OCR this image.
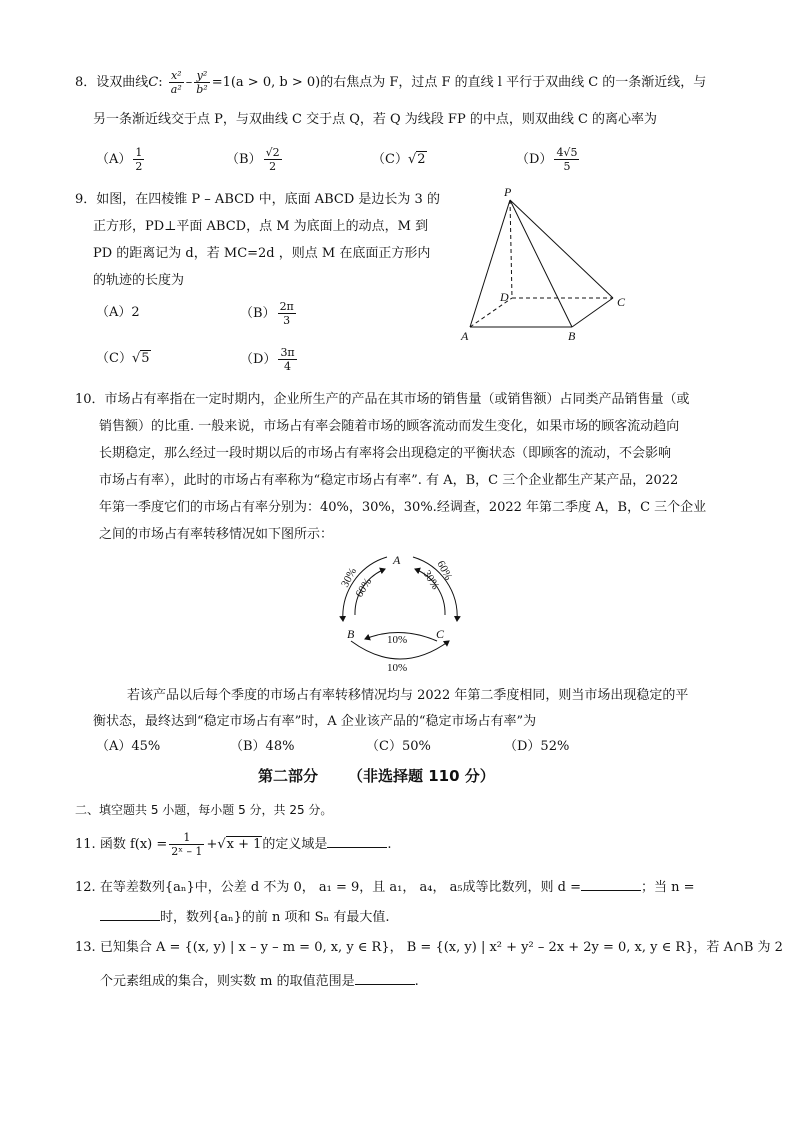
8．设双曲线C: $\frac{\text{x²}}{\text{a²}} - \frac{\text{y²}}{\text{b²}} =1(a > 0$, b > 0)的右焦点为 F，过点 F 的直线 l 平行于双曲线 C 的一条渐近线，与
另一条渐近线交于点 P，与双曲线 C 交于点 Q，若 Q 为线段 FP 的中点，则双曲线 C 的离心率为
$(A) \frac{1}{2}$	$(B) \frac{√2}{2}$	（C）√2	$(D) \frac{4√5}{5}$
9．如图，在四棱锥 P – ABCD 中，底面 ABCD 是边长为 3 的
正方形，PD⊥平面 ABCD，点 M 为底面上的动点，M 到
PD 的距离记为 d，若 MC=2d ，则点 M 在底面正方形内
的轨迹的长度为
（A）2	$(B) \frac{2\pi}{3}$
（C）√5	$(D) \frac{3\pi}{4}$
P
A	B
C
D
10．市场占有率指在一定时期内，企业所生产的产品在其市场的销售量（或销售额）占同类产品销售量（或
销售额）的比重. 一般来说，市场占有率会随着市场的顾客流动而发生变化，如果市场的顾客流动趋向
长期稳定，那么经过一段时期以后的市场占有率将会出现稳定的平衡状态（即顾客的流动，不会影响
市场占有率），此时的市场占有率称为“稳定市场占有率”. 有 A，B，C 三个企业都生产某产品，2022
年第一季度它们的市场占有率分别为：40%，30%，30%.经调查，2022 年第二季度 A，B，C 三个企业
之间的市场占有率转移情况如下图所示：
A
B	C
30%
60%	30%
60%
10%
10%
若该产品以后每个季度的市场占有率转移情况均与 2022 年第二季度相同，则当市场出现稳定的平
衡状态，最终达到“稳定市场占有率”时，A 企业该产品的“稳定市场占有率”为
（A）45%	（B）48%	（C）50%	（D）52%
第二部分 （非选择题 110 分）
二、填空题共 5 小题，每小题 5 分，共 25 分。
11. 函数 $f(x) = \frac{1}{\text{2ˣ – 1}} +√x + 1$的定义域是	.
12. 在等差数列{aₙ}中，公差 d 不为 0， a₁ = 9，且 a₁， a₄， a₅成等比数列，则 d =	；当 n =
时，数列{aₙ}的前 n 项和 Sₙ 有最大值.
13. 已知集合 A = {(x, y) | x – y – m = 0, x, y ∈ R}， B = {(x, y) | x² + y² – 2x + 2y = 0, x, y ∈ R}，若 A∩B 为 2
个元素组成的集合，则实数 m 的取值范围是	.
